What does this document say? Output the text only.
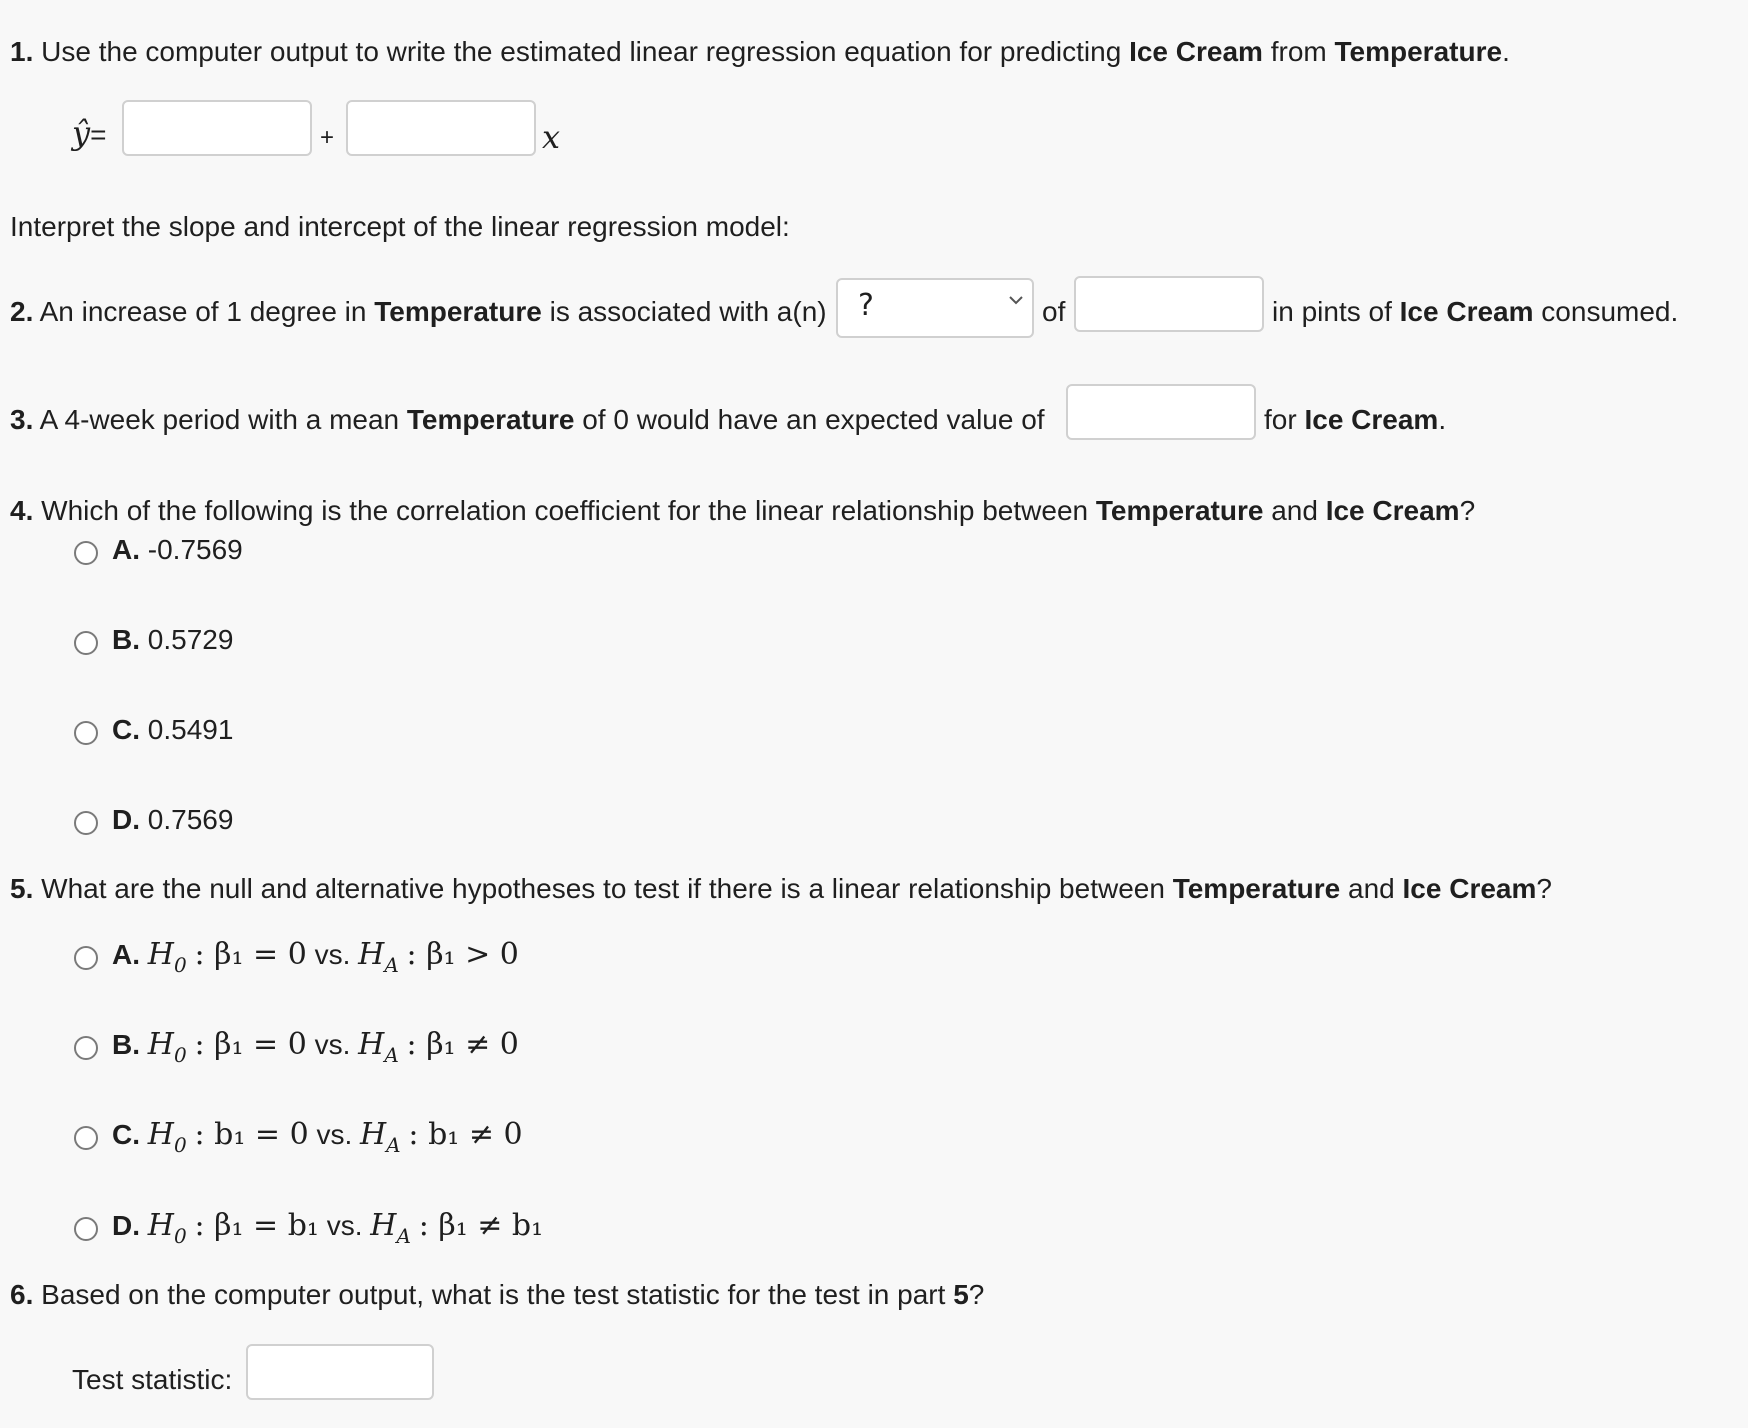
1. Use the computer output to write the estimated linear regression equation for predicting Ice Cream from Temperature.
ŷ=	+	x
Interpret the slope and intercept of the linear regression model:
2. An increase of 1 degree in Temperature is associated with a(n) ?	of	in pints of Ice Cream consumed.
3. A 4-week period with a mean Temperature of 0 would have an expected value of	for Ice Cream.
4. Which of the following is the correlation coefficient for the linear relationship between Temperature and Ice Cream?
A. -0.7569
B. 0.5729
C. 0.5491
D. 0.7569
5. What are the null and alternative hypotheses to test if there is a linear relationship between Temperature and Ice Cream?
A. $H_0$ : β₁ = 0 vs. $H_A$ : β₁ > 0
B. $H_0$ : β₁ = 0 vs. $H_A$ : β₁ ≠ 0
C. $H_0$ : b₁ = 0 vs. $H_A$ : b₁ ≠ 0
D. $H_0$ : β₁ = b₁ vs. $H_A$ : β₁ ≠ b₁
6. Based on the computer output, what is the test statistic for the test in part 5?
Test statistic:
